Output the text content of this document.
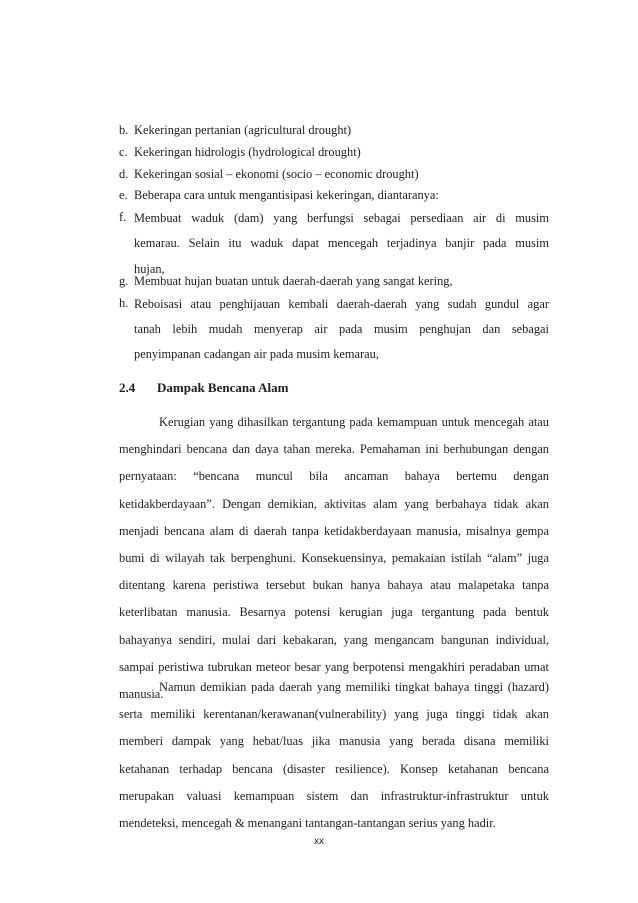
b. Kekeringan pertanian (agricultural drought)
c. Kekeringan hidrologis (hydrological drought)
d. Kekeringan sosial – ekonomi (socio – economic drought)
e. Beberapa cara untuk mengantisipasi kekeringan, diantaranya:
f. Membuat waduk (dam) yang berfungsi sebagai persediaan air di musim
kemarau. Selain itu waduk dapat mencegah terjadinya banjir pada musim
hujan,
g. Membuat hujan buatan untuk daerah-daerah yang sangat kering,
h. Reboisasi atau penghijauan kembali daerah-daerah yang sudah gundul agar
tanah lebih mudah menyerap air pada musim penghujan dan sebagai
penyimpanan cadangan air pada musim kemarau,
2.4 Dampak Bencana Alam

Kerugian yang dihasilkan tergantung pada kemampuan untuk mencegah atau menghindari bencana dan daya tahan mereka. Pemahaman ini berhubungan dengan pernyataan: “bencana muncul bila ancaman bahaya bertemu dengan ketidakberdayaan”. Dengan demikian, aktivitas alam yang berbahaya tidak akan menjadi bencana alam di daerah tanpa ketidakberdayaan manusia, misalnya gempa bumi di wilayah tak berpenghuni. Konsekuensinya, pemakaian istilah “alam” juga ditentang karena peristiwa tersebut bukan hanya bahaya atau malapetaka tanpa keterlibatan manusia. Besarnya potensi kerugian juga tergantung pada bentuk bahayanya sendiri, mulai dari kebakaran, yang mengancam bangunan individual, sampai peristiwa tubrukan meteor besar yang berpotensi mengakhiri peradaban umat manusia.

Namun demikian pada daerah yang memiliki tingkat bahaya tinggi (hazard) serta memiliki kerentanan/kerawanan(vulnerability) yang juga tinggi tidak akan memberi dampak yang hebat/luas jika manusia yang berada disana memiliki ketahanan terhadap bencana (disaster resilience). Konsep ketahanan bencana merupakan valuasi kemampuan sistem dan infrastruktur-infrastruktur untuk mendeteksi, mencegah & menangani tantangan-tantangan serius yang hadir.

xx
